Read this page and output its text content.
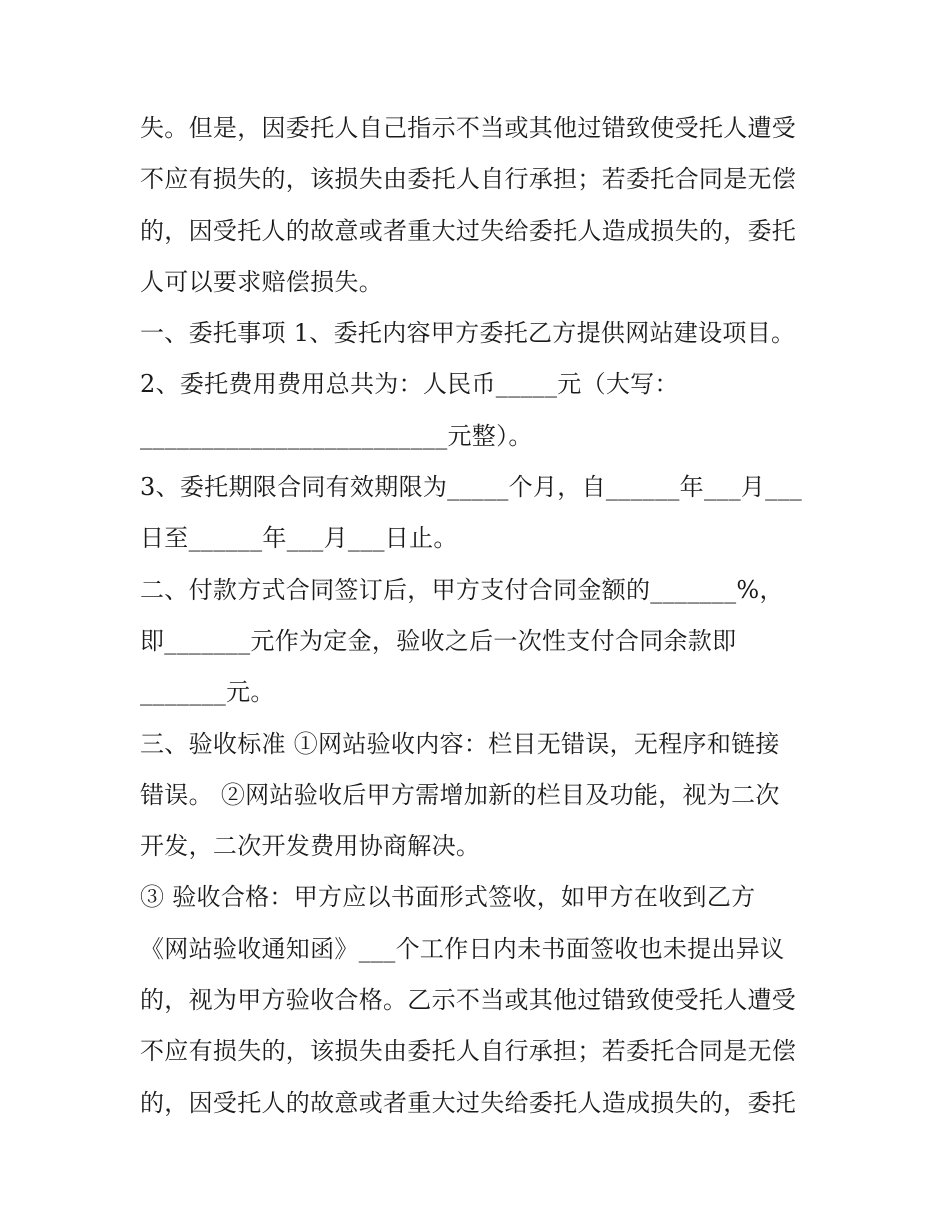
失。但是，因委托人自己指示不当或其他过错致使受托人遭受
不应有损失的，该损失由委托人自行承担；若委托合同是无偿
的，因受托人的故意或者重大过失给委托人造成损失的，委托
人可以要求赔偿损失。
一、委托事项 1、委托内容甲方委托乙方提供网站建设项目。
2、委托费用费用总共为：人民币_____元（大写：
_________________________元整）。
3、委托期限合同有效期限为_____个月，自______年___月___
日至______年___月___日止。
二、付款方式合同签订后，甲方支付合同金额的_______%，
即_______元作为定金，验收之后一次性支付合同余款即
_______元。
三、验收标准 ①网站验收内容：栏目无错误，无程序和链接
错误。 ②网站验收后甲方需增加新的栏目及功能，视为二次
开发，二次开发费用协商解决。
③ 验收合格：甲方应以书面形式签收，如甲方在收到乙方
《网站验收通知函》___个工作日内未书面签收也未提出异议
的，视为甲方验收合格。乙示不当或其他过错致使受托人遭受
不应有损失的，该损失由委托人自行承担；若委托合同是无偿
的，因受托人的故意或者重大过失给委托人造成损失的，委托
